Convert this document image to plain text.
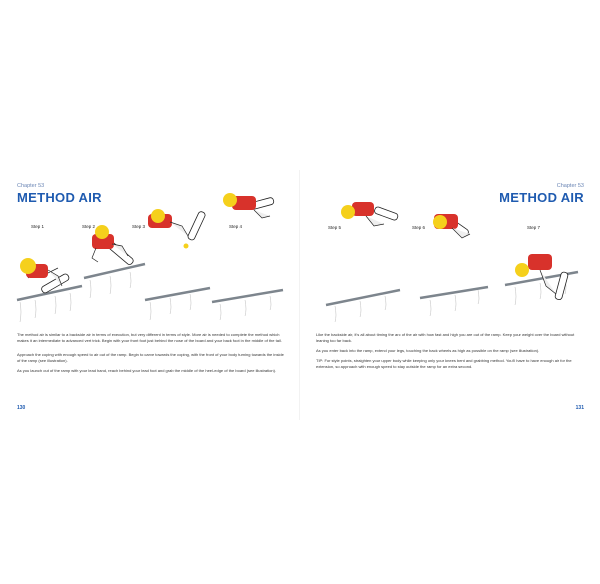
Chapter 53
METHOD AIR
Step 1	Step 2	Step 3	Step 4

The method air is similar to a backside air in terms of execution, but very different in terms of style. More air is needed to complete the method which makes it an intermediate to advanced vert trick. Begin with your front foot just behind the nose of the board and your back foot in the middle of the tail.

Approach the coping with enough speed to air out of the ramp. Begin to carve towards the coping, with the front of your body turning towards the inside of the ramp (see illustration).

As you launch out of the ramp with your lead hand, reach behind your lead foot and grab the middle of the heel-edge of the board (see illustration).

130
Chapter 53
METHOD AIR
Step 5	Step 6	Step 7

Like the backside air, it's all about timing the arc of the air with how fast and high you are out of the ramp. Keep your weight over the board without leaning too far back.

As you enter back into the ramp, extend your legs, touching the back wheels as high as possible on the ramp (see illustration).

TIP: For style points, straighten your upper body while keeping only your knees bent and grabbing method. You'll have to have enough air for the extension, so approach with enough speed to stay outside the ramp for an extra second.

131
